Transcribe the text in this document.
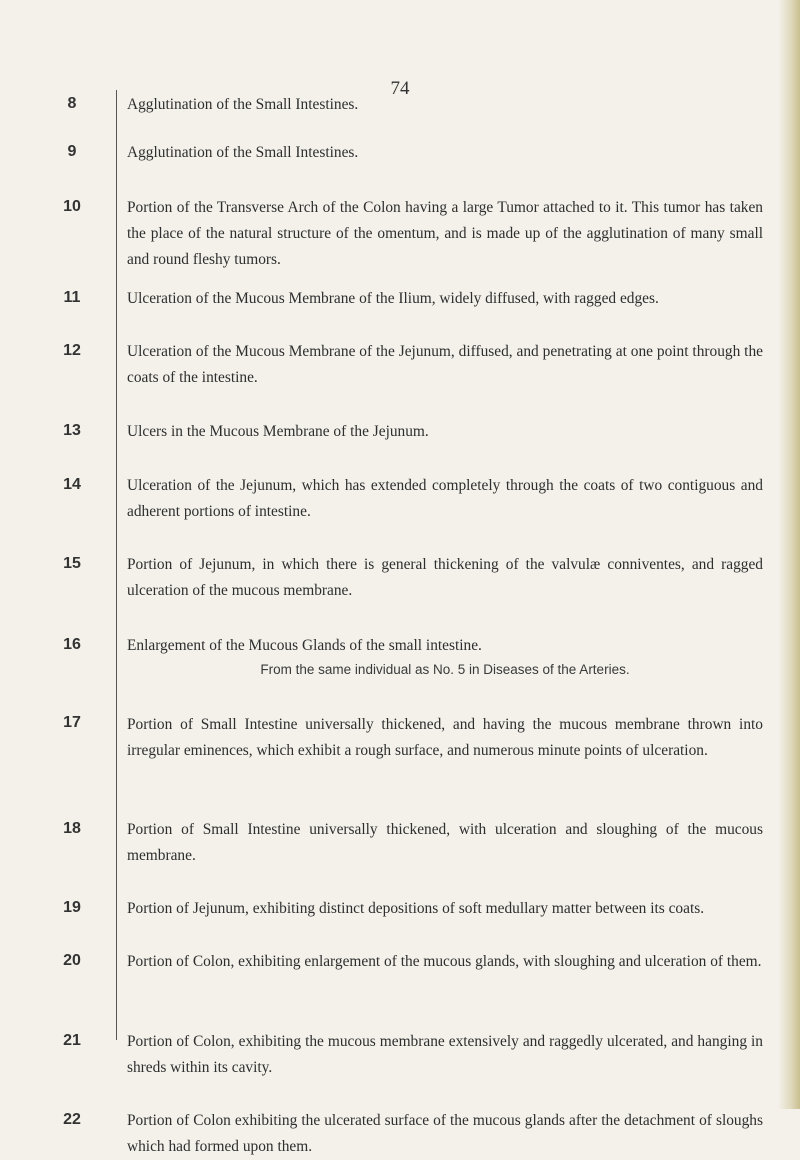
74
8	Agglutination of the Small Intestines.
9	Agglutination of the Small Intestines.
10	Portion of the Transverse Arch of the Colon having a large Tumor attached to it. This tumor has taken the place of the natural structure of the omentum, and is made up of the agglutination of many small and round fleshy tumors.
11	Ulceration of the Mucous Membrane of the Ilium, widely diffused, with ragged edges.
12	Ulceration of the Mucous Membrane of the Jejunum, diffused, and penetrating at one point through the coats of the intestine.
13	Ulcers in the Mucous Membrane of the Jejunum.
14	Ulceration of the Jejunum, which has extended completely through the coats of two contiguous and adherent portions of intestine.
15	Portion of Jejunum, in which there is general thickening of the valvulæ conniventes, and ragged ulceration of the mucous membrane.
16	Enlargement of the Mucous Glands of the small intestine.
From the same individual as No. 5 in Diseases of the Arteries.
17	Portion of Small Intestine universally thickened, and having the mucous membrane thrown into irregular eminences, which exhibit a rough surface, and numerous minute points of ulceration.
18	Portion of Small Intestine universally thickened, with ulceration and sloughing of the mucous membrane.
19	Portion of Jejunum, exhibiting distinct depositions of soft medullary matter between its coats.
20	Portion of Colon, exhibiting enlargement of the mucous glands, with sloughing and ulceration of them.
21	Portion of Colon, exhibiting the mucous membrane extensively and raggedly ulcerated, and hanging in shreds within its cavity.
22	Portion of Colon exhibiting the ulcerated surface of the mucous glands after the detachment of sloughs which had formed upon them.
